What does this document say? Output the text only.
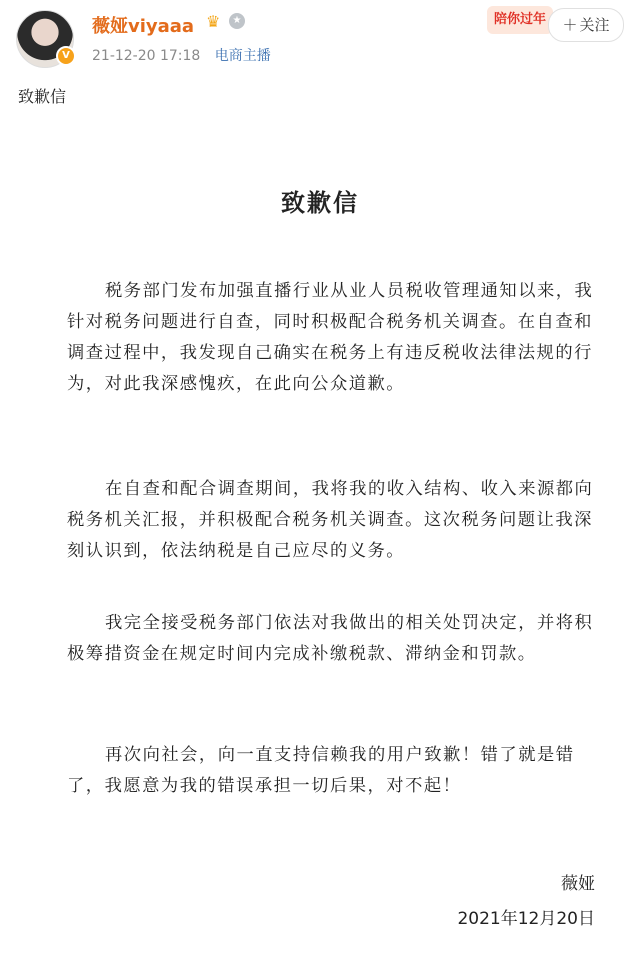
V
薇娅viyaaa ♛	★
21-12-20 17:18 电商主播
陪你过年	＋ 关注
致歉信
致歉信
税务部门发布加强直播行业从业人员税收管理通知以来，我针对税务问题进行自查，同时积极配合税务机关调查。在自查和调查过程中，我发现自己确实在税务上有违反税收法律法规的行为，对此我深感愧疚，在此向公众道歉。
在自查和配合调查期间，我将我的收入结构、收入来源都向税务机关汇报，并积极配合税务机关调查。这次税务问题让我深刻认识到，依法纳税是自己应尽的义务。
我完全接受税务部门依法对我做出的相关处罚决定，并将积极筹措资金在规定时间内完成补缴税款、滞纳金和罚款。
再次向社会，向一直支持信赖我的用户致歉！错了就是错了，我愿意为我的错误承担一切后果，对不起！
薇娅
2021年12月20日
